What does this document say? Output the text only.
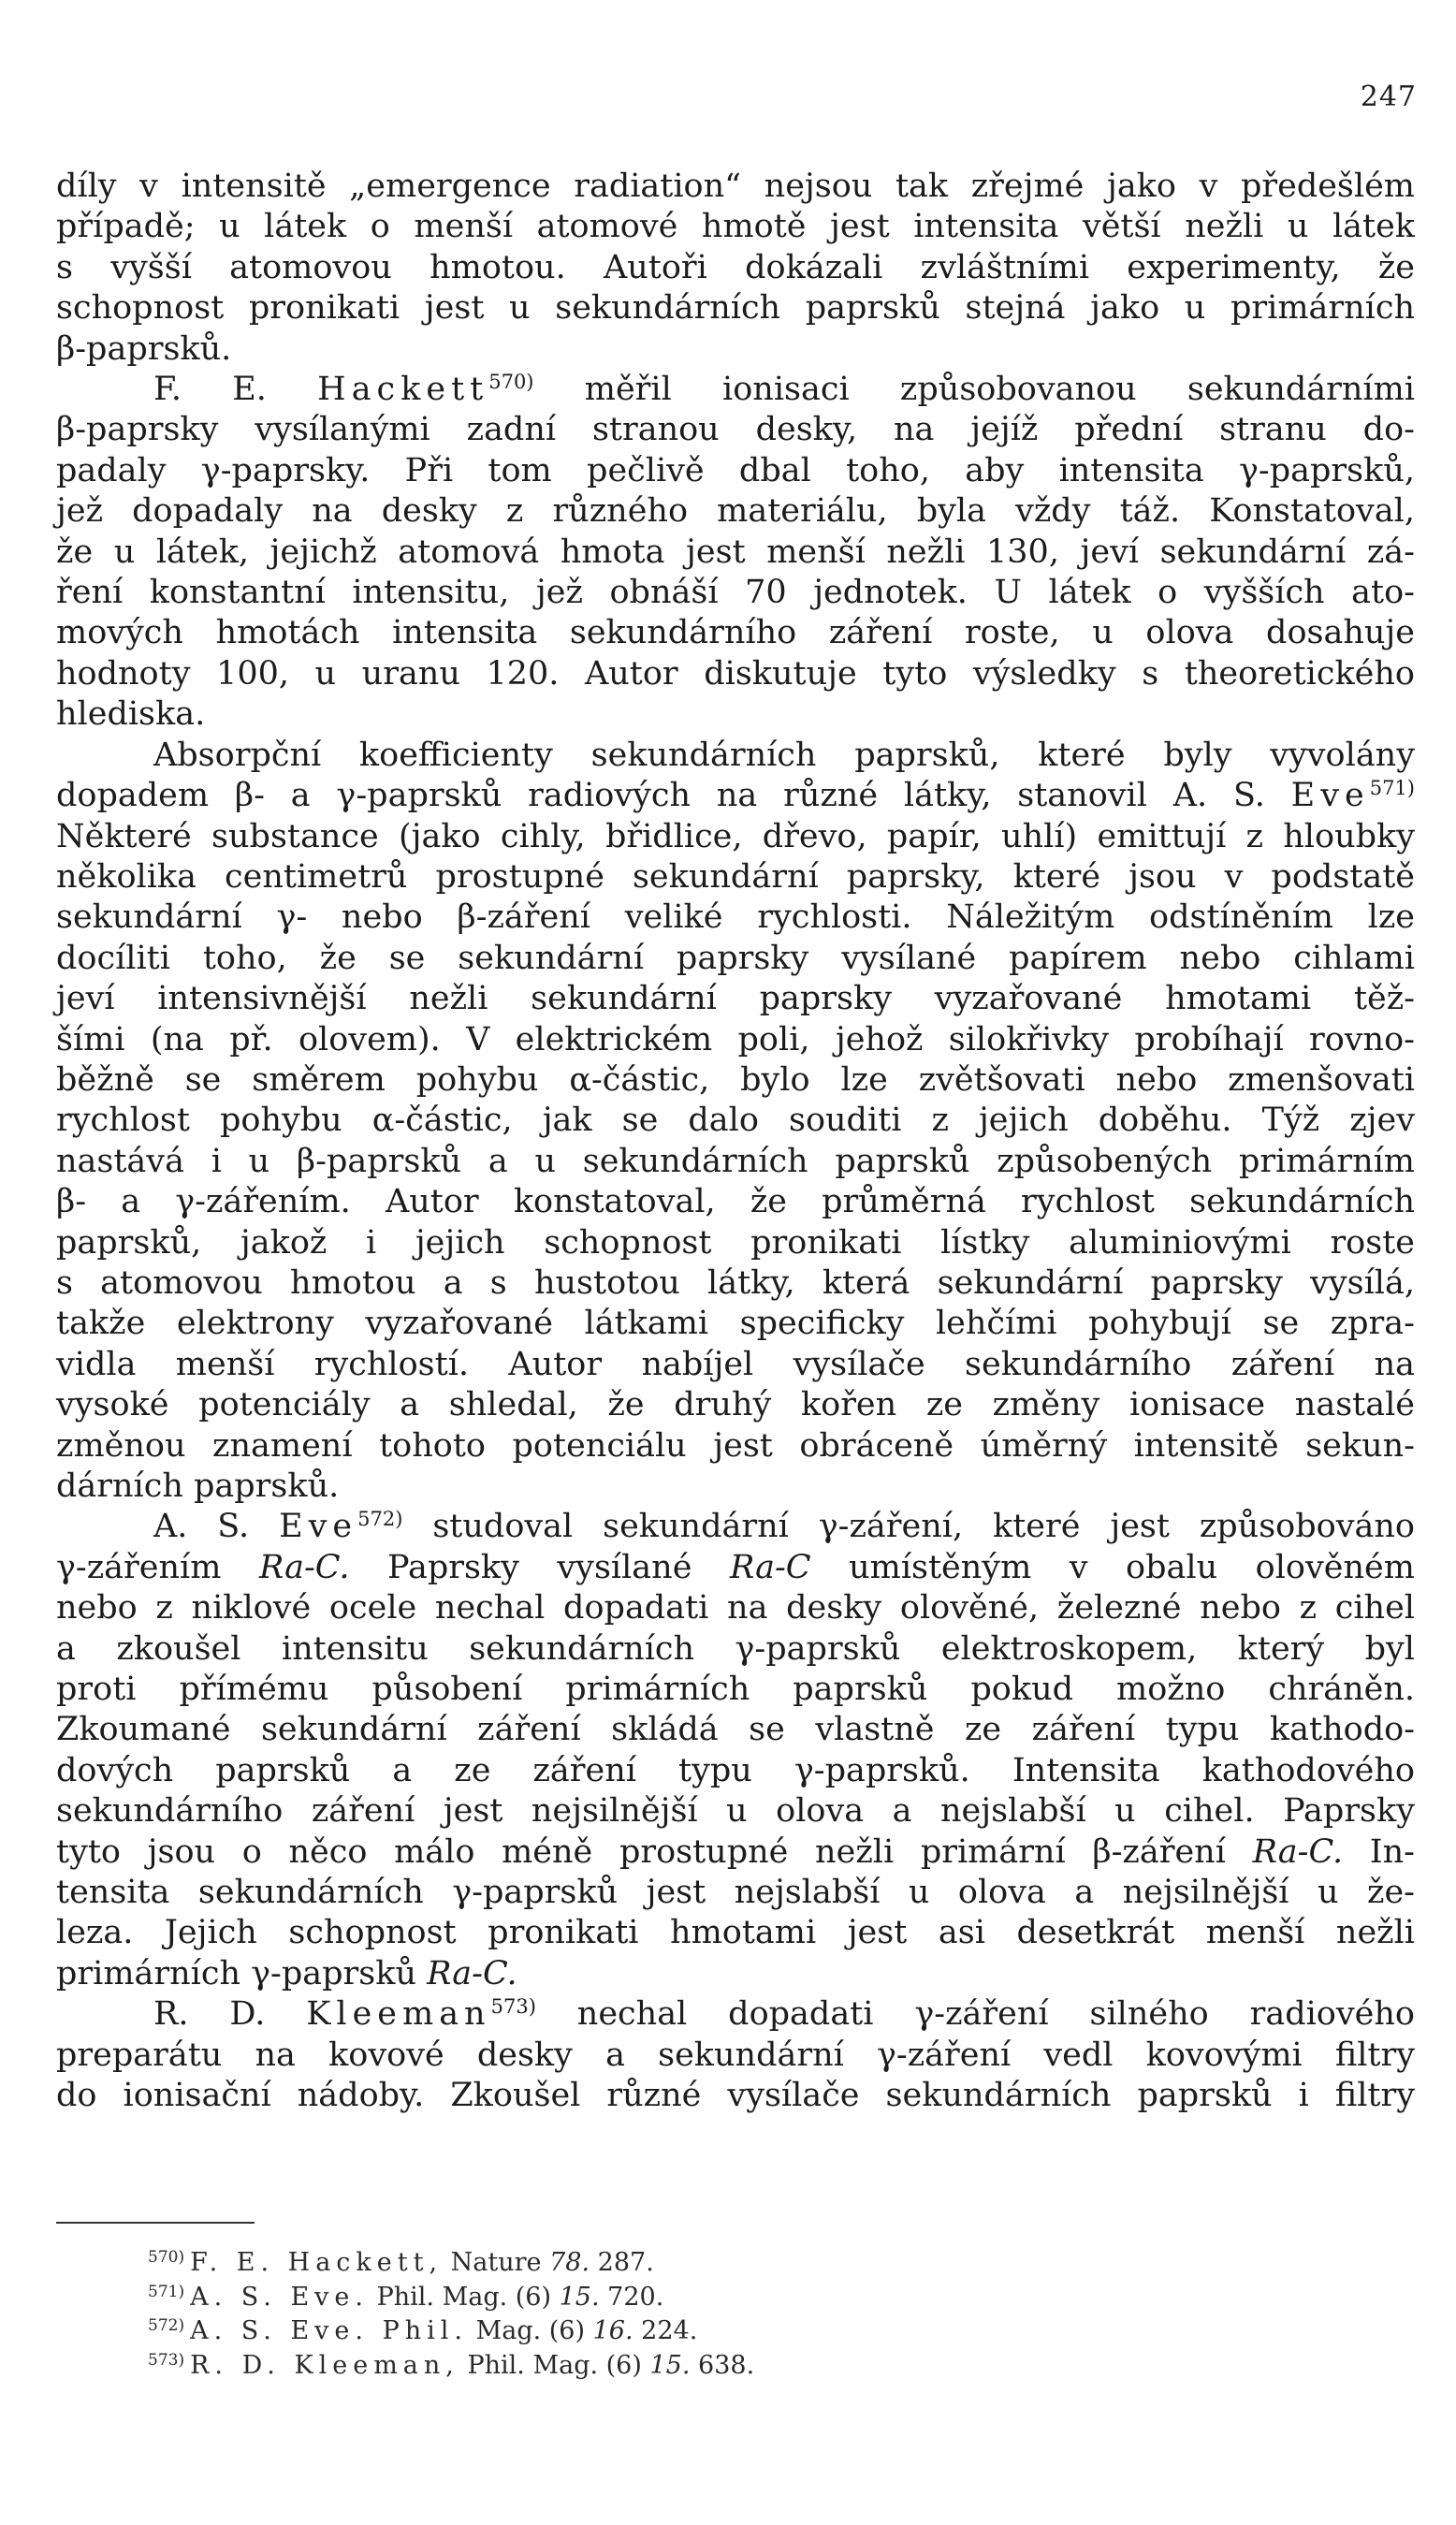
247
díly v intensitě „emergence radiation“ nejsou tak zřejmé jako v předešlém
případě; u látek o menší atomové hmotě jest intensita větší nežli u látek
s vyšší atomovou hmotou. Autoři dokázali zvláštními experimenty, že
schopnost pronikati jest u sekundárních paprsků stejná jako u primárních
β-paprsků.
F. E. Hackett$^{570)}$ měřil ionisaci způsobovanou sekundárními
β-paprsky vysílanými zadní stranou desky, na jejíž přední stranu do-
padaly γ-paprsky. Při tom pečlivě dbal toho, aby intensita γ-paprsků,
jež dopadaly na desky z různého materiálu, byla vždy táž. Konstatoval,
že u látek, jejichž atomová hmota jest menší nežli 130, jeví sekundární zá-
ření konstantní intensitu, jež obnáší 70 jednotek. U látek o vyšších ato-
mových hmotách intensita sekundárního záření roste, u olova dosahuje
hodnoty 100, u uranu 120. Autor diskutuje tyto výsledky s theoretického
hlediska.
Absorpční koefficienty sekundárních paprsků, které byly vyvolány
dopadem β- a γ-paprsků radiových na různé látky, stanovil A. S. Eve$^{571)}$
Některé substance (jako cihly, břidlice, dřevo, papír, uhlí) emittují z hloubky
několika centimetrů prostupné sekundární paprsky, které jsou v podstatě
sekundární γ- nebo β-záření veliké rychlosti. Náležitým odstíněním lze
docíliti toho, že se sekundární paprsky vysílané papírem nebo cihlami
jeví intensivnější nežli sekundární paprsky vyzařované hmotami těž-
šími (na př. olovem). V elektrickém poli, jehož silokřivky probíhají rovno-
běžně se směrem pohybu α-částic, bylo lze zvětšovati nebo zmenšovati
rychlost pohybu α-částic, jak se dalo souditi z jejich doběhu. Týž zjev
nastává i u β-paprsků a u sekundárních paprsků způsobených primárním
β- a γ-zářením. Autor konstatoval, že průměrná rychlost sekundárních
paprsků, jakož i jejich schopnost pronikati lístky aluminiovými roste
s atomovou hmotou a s hustotou látky, která sekundární paprsky vysílá,
takže elektrony vyzařované látkami specificky lehčími pohybují se zpra-
vidla menší rychlostí. Autor nabíjel vysílače sekundárního záření na
vysoké potenciály a shledal, že druhý kořen ze změny ionisace nastalé
změnou znamení tohoto potenciálu jest obráceně úměrný intensitě sekun-
dárních paprsků.
A. S. Eve$^{572)}$ studoval sekundární γ-záření, které jest způsobováno
γ-zářením Ra-C. Paprsky vysílané Ra-C umístěným v obalu olověném
nebo z niklové ocele nechal dopadati na desky olověné, železné nebo z cihel
a zkoušel intensitu sekundárních γ-paprsků elektroskopem, který byl
proti přímému působení primárních paprsků pokud možno chráněn.
Zkoumané sekundární záření skládá se vlastně ze záření typu kathodo-
dových paprsků a ze záření typu γ-paprsků. Intensita kathodového
sekundárního záření jest nejsilnější u olova a nejslabší u cihel. Paprsky
tyto jsou o něco málo méně prostupné nežli primární β-záření Ra-C. In-
tensita sekundárních γ-paprsků jest nejslabší u olova a nejsilnější u že-
leza. Jejich schopnost pronikati hmotami jest asi desetkrát menší nežli
primárních γ-paprsků Ra-C.
R. D. Kleeman$^{573)}$ nechal dopadati γ-záření silného radiového
preparátu na kovové desky a sekundární γ-záření vedl kovovými filtry
do ionisační nádoby. Zkoušel různé vysílače sekundárních paprsků i filtry
$^{570)}$ F. E. Hackett, Nature 78. 287.
$^{571)}$ A. S. Eve. Phil. Mag. (6) 15. 720.
$^{572)}$ A. S. Eve. Phil. Mag. (6) 16. 224.
$^{573)}$ R. D. Kleeman, Phil. Mag. (6) 15. 638.
